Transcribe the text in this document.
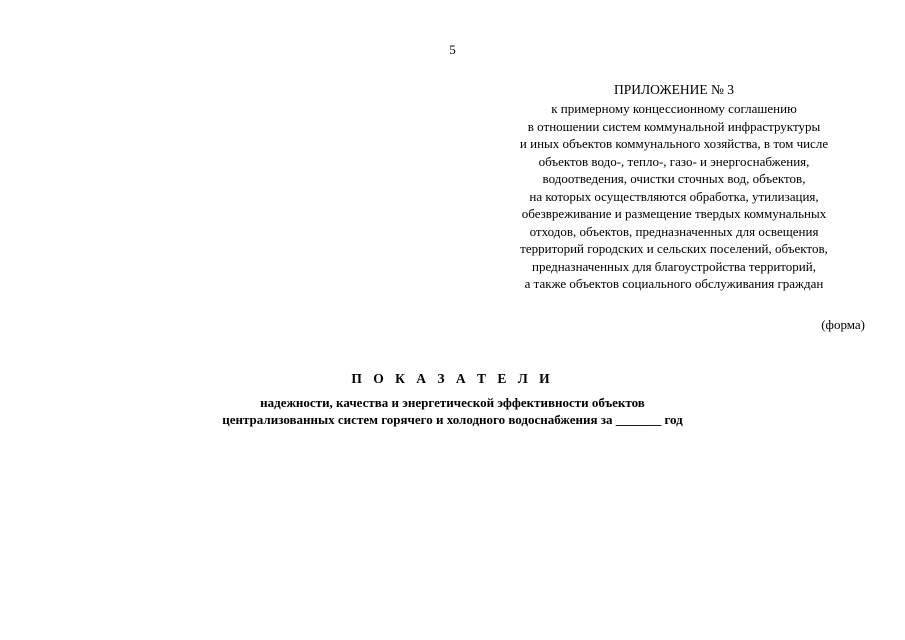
5
ПРИЛОЖЕНИЕ № 3
к примерному концессионному соглашению
в отношении систем коммунальной инфраструктуры
и иных объектов коммунального хозяйства, в том числе
объектов водо-, тепло-, газо- и энергоснабжения,
водоотведения, очистки сточных вод, объектов,
на которых осуществляются обработка, утилизация,
обезвреживание и размещение твердых коммунальных
отходов, объектов, предназначенных для освещения
территорий городских и сельских поселений, объектов,
предназначенных для благоустройства территорий,
а также объектов социального обслуживания граждан
(форма)
П О К А З А Т Е Л И
надежности, качества и энергетической эффективности объектов
централизованных систем горячего и холодного водоснабжения за _______ год
